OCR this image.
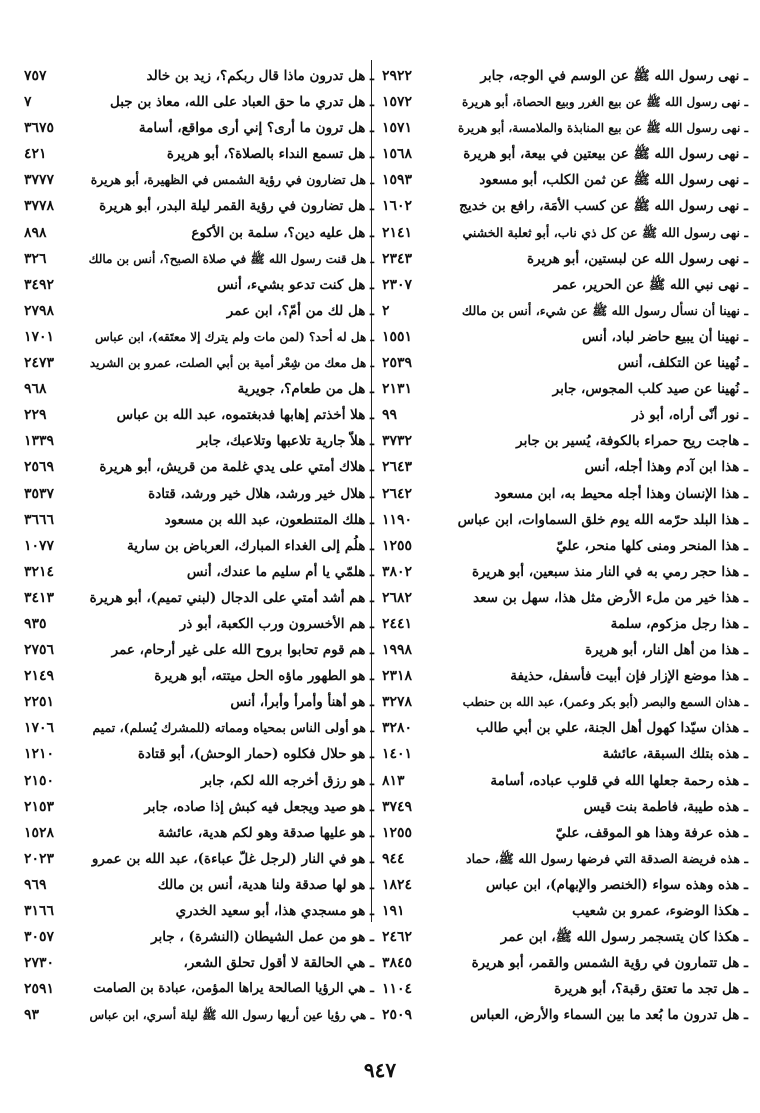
ـ نهى رسول الله ﷺ عن الوسم في الوجه، جابر
٢٩٢٢
ـ نهى رسول الله ﷺ عن بيع الغرر وبيع الحصاة، أبو هريرة
١٥٧٢
ـ نهى رسول الله ﷺ عن بيع المنابذة والملامسة، أبو هريرة
١٥٧١
ـ نهى رسول الله ﷺ عن بيعتين في بيعة، أبو هريرة
١٥٦٨
ـ نهى رسول الله ﷺ عن ثمن الكلب، أبو مسعود
١٥٩٣
ـ نهى رسول الله ﷺ عن كسب الأمَة، رافع بن خديج
١٦٠٢
ـ نهى رسول الله ﷺ عن كل ذي ناب، أبو ثعلبة الخشني
٢١٤١
ـ نهى رسول الله عن لبستين، أبو هريرة
٢٣٤٣
ـ نهى نبي الله ﷺ عن الحرير، عمر
٢٣٠٧
ـ نهينا أن نسأل رسول الله ﷺ عن شيء، أنس بن مالك
٢
ـ نهينا أن يبيع حاضر لباد، أنس
١٥٥١
ـ نُهينا عن التكلف، أنس
٢٥٣٩
ـ نُهينا عن صيد كلب المجوس، جابر
٢١٣١
ـ نور أنّى أراه، أبو ذر
٩٩
ـ هاجت ريح حمراء بالكوفة، يُسير بن جابر
٣٧٣٢
ـ هذا ابن آدم وهذا أجله، أنس
٢٦٤٣
ـ هذا الإنسان وهذا أجله محيط به، ابن مسعود
٢٦٤٢
ـ هذا البلد حرّمه الله يوم خلق السماوات، ابن عباس
١١٩٠
ـ هذا المنحر ومنى كلها منحر، عليّ
١٢٥٥
ـ هذا حجر رمي به في النار منذ سبعين، أبو هريرة
٣٨٠٢
ـ هذا خير من ملء الأرض مثل هذا، سهل بن سعد
٢٦٨٢
ـ هذا رجل مزكوم، سلمة
٢٤٤١
ـ هذا من أهل النار، أبو هريرة
١٩٩٨
ـ هذا موضع الإزار فإن أبيت فأسفل، حذيفة
٢٣١٨
ـ هذان السمع والبصر (أبو بكر وعمر)، عبد الله بن حنطب
٣٢٧٨
ـ هذان سيّدا كهول أهل الجنة، علي بن أبي طالب
٣٢٨٠
ـ هذه بتلك السبقة، عائشة
١٤٠١
ـ هذه رحمة جعلها الله في قلوب عباده، أسامة
٨١٣
ـ هذه طيبة، فاطمة بنت قيس
٣٧٤٩
ـ هذه عرفة وهذا هو الموقف، عليّ
١٢٥٥
ـ هذه فريضة الصدقة التي فرضها رسول الله ﷺ، حماد
٩٤٤
ـ هذه وهذه سواء (الخنصر والإبهام)، ابن عباس
١٨٢٤
ـ هكذا الوضوء، عمرو بن شعيب
١٩١
ـ هكذا كان يتسجمر رسول الله ﷺ، ابن عمر
٢٤٦٢
ـ هل تتمارون في رؤية الشمس والقمر، أبو هريرة
٣٨٤٥
ـ هل تجد ما تعتق رقبة؟، أبو هريرة
١١٠٤
ـ هل تدرون ما بُعد ما بين السماء والأرض، العباس
٢٥٠٩
ـ هل تدرون ماذا قال ربكم؟، زيد بن خالد
٧٥٧
ـ هل تدري ما حق العباد على الله، معاذ بن جبل
٧
ـ هل ترون ما أرى؟ إني أرى مواقع، أسامة
٣٦٧٥
ـ هل تسمع النداء بالصلاة؟، أبو هريرة
٤٢١
ـ هل تضارون في رؤية الشمس في الظهيرة، أبو هريرة
٣٧٧٧
ـ هل تضارون في رؤية القمر ليلة البدر، أبو هريرة
٣٧٧٨
ـ هل عليه دين؟، سلمة بن الأكوع
٨٩٨
ـ هل قنت رسول الله ﷺ في صلاة الصبح؟، أنس بن مالك
٣٢٦
ـ هل كنت تدعو بشيء، أنس
٣٤٩٢
ـ هل لك من أمّ؟، ابن عمر
٢٧٩٨
ـ هل له أحد؟ (لمن مات ولم يترك إلا معتَقه)، ابن عباس
١٧٠١
ـ هل معك من شِعْر أمية بن أبي الصلت، عمرو بن الشريد
٢٤٧٣
ـ هل من طعام؟، جويرية
٩٦٨
ـ هلا أخذتم إهابها فدبغتموه، عبد الله بن عباس
٢٢٩
ـ هلاّ جارية تلاعبها وتلاعبك، جابر
١٣٣٩
ـ هلاك أمتي على يدي غلمة من قريش، أبو هريرة
٢٥٦٩
ـ هلال خير ورشد، هلال خير ورشد، قتادة
٣٥٣٧
ـ هلك المتنطعون، عبد الله بن مسعود
٣٦٦٦
ـ هلُم إلى الغداء المبارك، العرباض بن سارية
١٠٧٧
ـ هلمّي يا أم سليم ما عندك، أنس
٣٢١٤
ـ هم أشد أمتي على الدجال (لبني تميم)، أبو هريرة
٣٤١٣
ـ هم الأخسرون ورب الكعبة، أبو ذر
٩٣٥
ـ هم قوم تحابوا بروح الله على غير أرحام، عمر
٢٧٥٦
ـ هو الطهور ماؤه الحل ميتته، أبو هريرة
٢١٤٩
ـ هو أهنأ وأمرأ وأبرأ، أنس
٢٢٥١
ـ هو أولى الناس بمحياه ومماته (للمشرك يُسلم)، تميم
١٧٠٦
ـ هو حلال فكلوه (حمار الوحش)، أبو قتادة
١٢١٠
ـ هو رزق أخرجه الله لكم، جابر
٢١٥٠
ـ هو صيد ويجعل فيه كبش إذا صاده، جابر
٢١٥٣
ـ هو عليها صدقة وهو لكم هدية، عائشة
١٥٢٨
ـ هو في النار (لرجل غلّ عباءة)، عبد الله بن عمرو
٢٠٢٣
ـ هو لها صدقة ولنا هدية، أنس بن مالك
٩٦٩
ـ هو مسجدي هذا، أبو سعيد الخدري
٣١٦٦
ـ هو من عمل الشيطان (النشرة) ، جابر
٣٠٥٧
ـ هي الحالقة لا أقول تحلق الشعر،
٢٧٣٠
ـ هي الرؤيا الصالحة يراها المؤمن، عبادة بن الصامت
٢٥٩١
ـ هي رؤيا عين أريها رسول الله ﷺ ليلة أسري، ابن عباس
٩٣
٩٤٧
